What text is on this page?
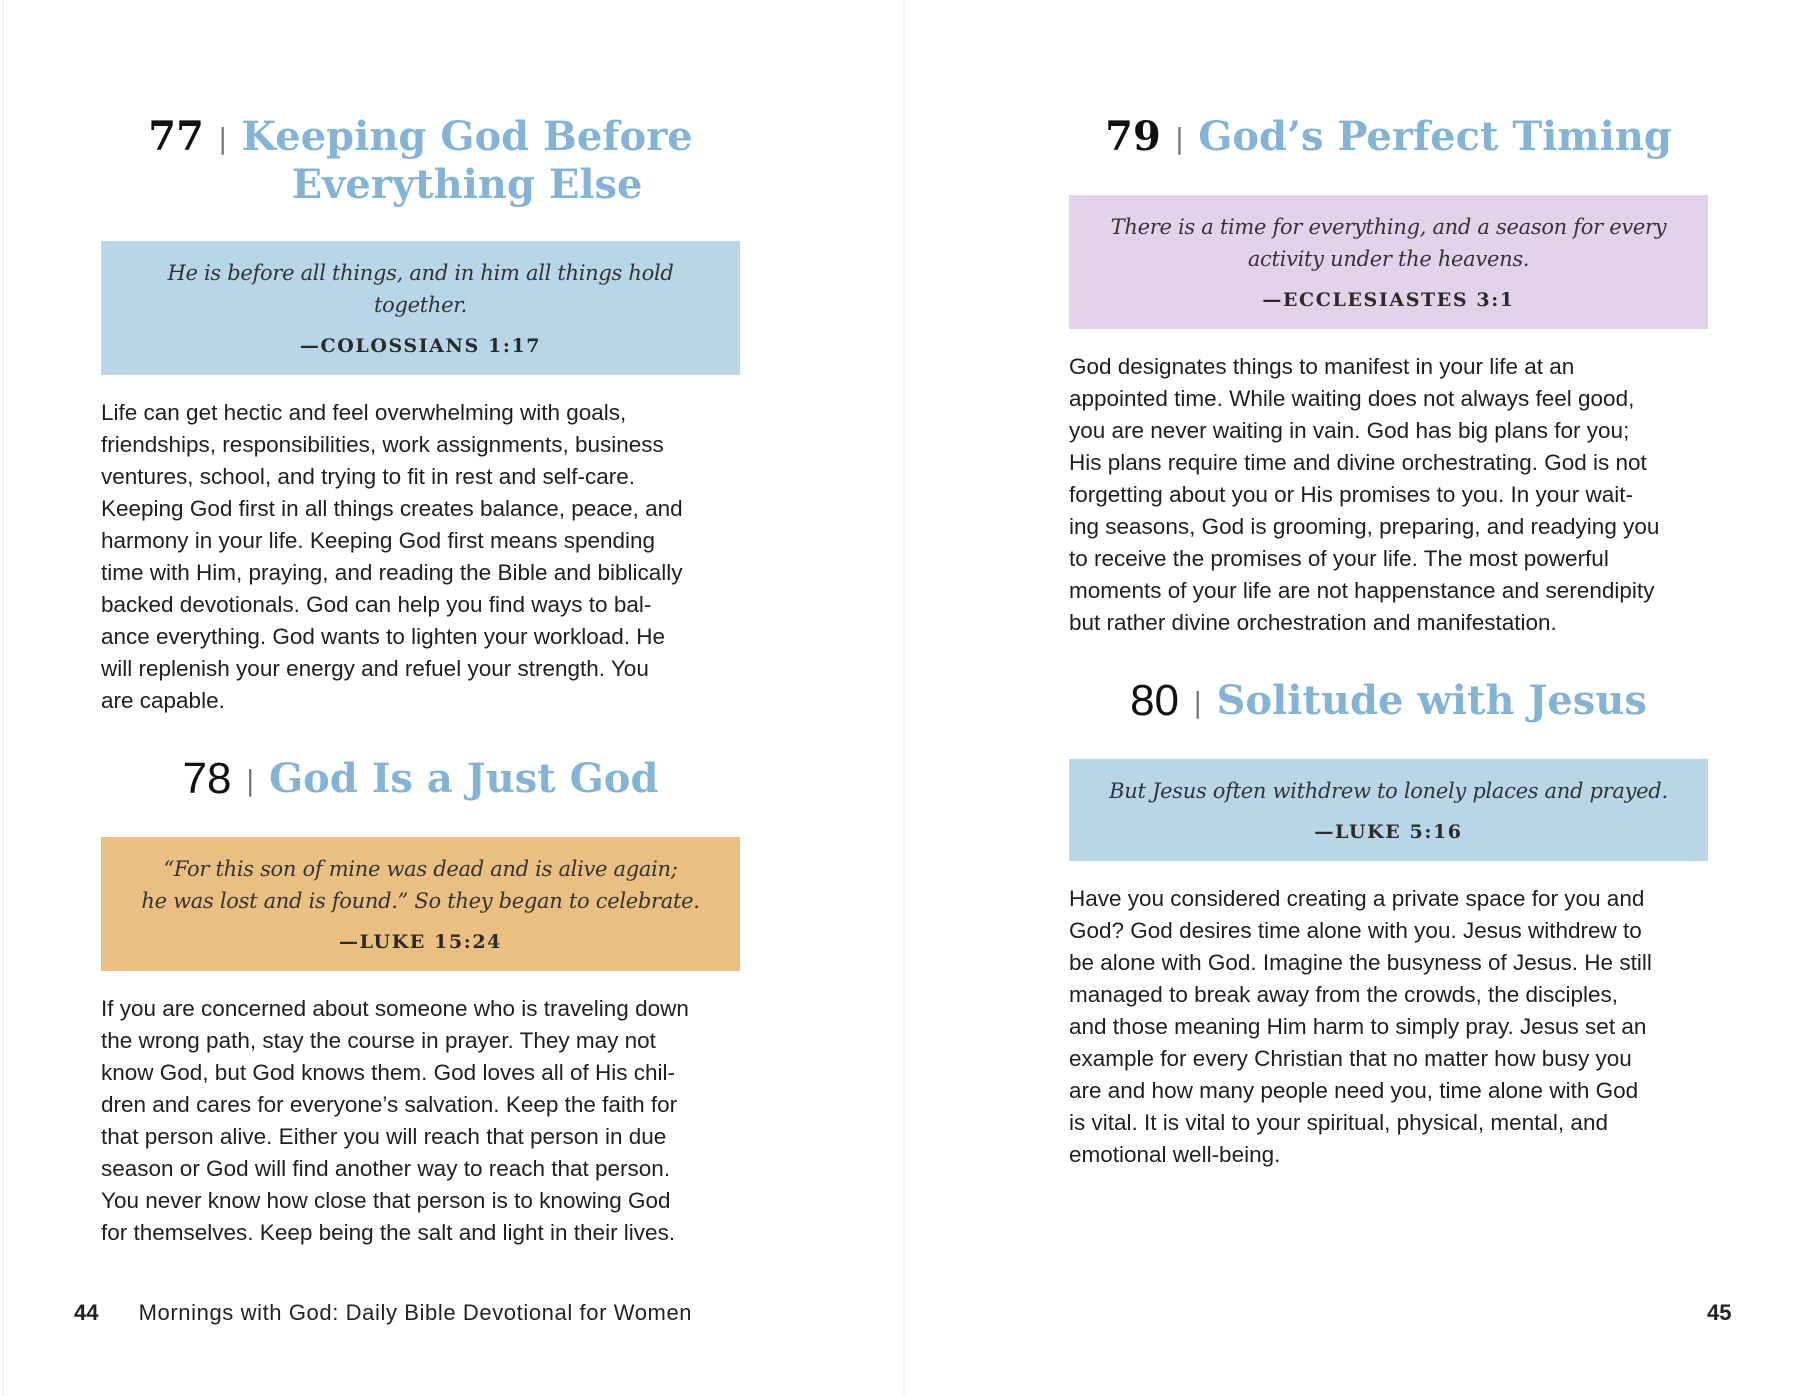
77 | Keeping God Before
Everything Else
He is before all things, and in him all things hold together.
—COLOSSIANS 1:17
Life can get hectic and feel overwhelming with goals,
friendships, responsibilities, work assignments, business
ventures, school, and trying to fit in rest and self-care.
Keeping God first in all things creates balance, peace, and
harmony in your life. Keeping God first means spending
time with Him, praying, and reading the Bible and biblically
backed devotionals. God can help you find ways to bal-
ance everything. God wants to lighten your workload. He
will replenish your energy and refuel your strength. You
are capable.
78 | God Is a Just God
“For this son of mine was dead and is alive again;
he was lost and is found.” So they began to celebrate.
—LUKE 15:24
If you are concerned about someone who is traveling down
the wrong path, stay the course in prayer. They may not
know God, but God knows them. God loves all of His chil-
dren and cares for everyone’s salvation. Keep the faith for
that person alive. Either you will reach that person in due
season or God will find another way to reach that person.
You never know how close that person is to knowing God
for themselves. Keep being the salt and light in their lives.
79 | God’s Perfect Timing
There is a time for everything, and a season for every
activity under the heavens.
—ECCLESIASTES 3:1
God designates things to manifest in your life at an
appointed time. While waiting does not always feel good,
you are never waiting in vain. God has big plans for you;
His plans require time and divine orchestrating. God is not
forgetting about you or His promises to you. In your wait-
ing seasons, God is grooming, preparing, and readying you
to receive the promises of your life. The most powerful
moments of your life are not happenstance and serendipity
but rather divine orchestration and manifestation.
80 | Solitude with Jesus
But Jesus often withdrew to lonely places and prayed.
—LUKE 5:16
Have you considered creating a private space for you and
God? God desires time alone with you. Jesus withdrew to
be alone with God. Imagine the busyness of Jesus. He still
managed to break away from the crowds, the disciples,
and those meaning Him harm to simply pray. Jesus set an
example for every Christian that no matter how busy you
are and how many people need you, time alone with God
is vital. It is vital to your spiritual, physical, mental, and
emotional well-being.
44 Mornings with God: Daily Bible Devotional for Women	45
